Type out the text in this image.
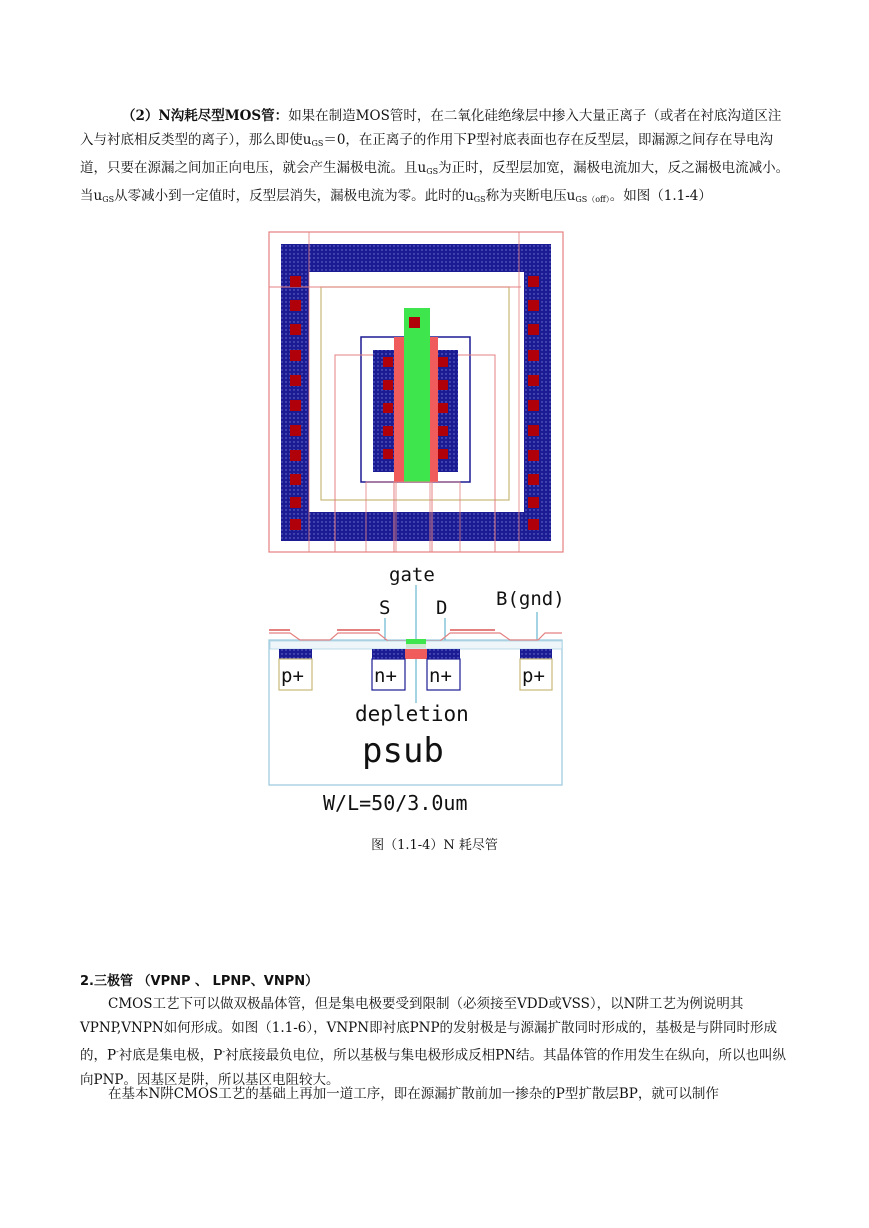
（2）N沟耗尽型MOS管：如果在制造MOS管时，在二氧化硅绝缘层中掺入大量正离子（或者在衬底沟道区注入与衬底相反类型的离子），那么即使$u_{GS}=0$，在正离子的作用下P型衬底表面也存在反型层，即漏源之间存在导电沟道，只要在源漏之间加正向电压，就会产生漏极电流。且$u_{GS}$为正时，反型层加宽，漏极电流加大，反之漏极电流减小。当$u_{GS}$从零减小到一定值时，反型层消失，漏极电流为零。此时的$u_{GS}$称为夹断电压$u_{GS(off)}$。如图（1.1-4）
gate
S D	B(gnd)
p+	n+ n+	p+
depletion
psub
W/L=50/3.0um
图（1.1-4）N 耗尽管
2.三极管 （VPNP 、 LPNP、VNPN）
CMOS工艺下可以做双极晶体管，但是集电极要受到限制（必须接至VDD或VSS），以N阱工艺为例说明其VPNP,VNPN如何形成。如图（1.1-6），VNPN即衬底PNP的发射极是与源漏扩散同时形成的，基极是与阱同时形成的，P-衬底是集电极，P-衬底接最负电位，所以基极与集电极形成反相PN结。其晶体管的作用发生在纵向，所以也叫纵向PNP。因基区是阱，所以基区电阻较大。
在基本N阱CMOS工艺的基础上再加一道工序，即在源漏扩散前加一掺杂的P型扩散层BP，就可以制作
